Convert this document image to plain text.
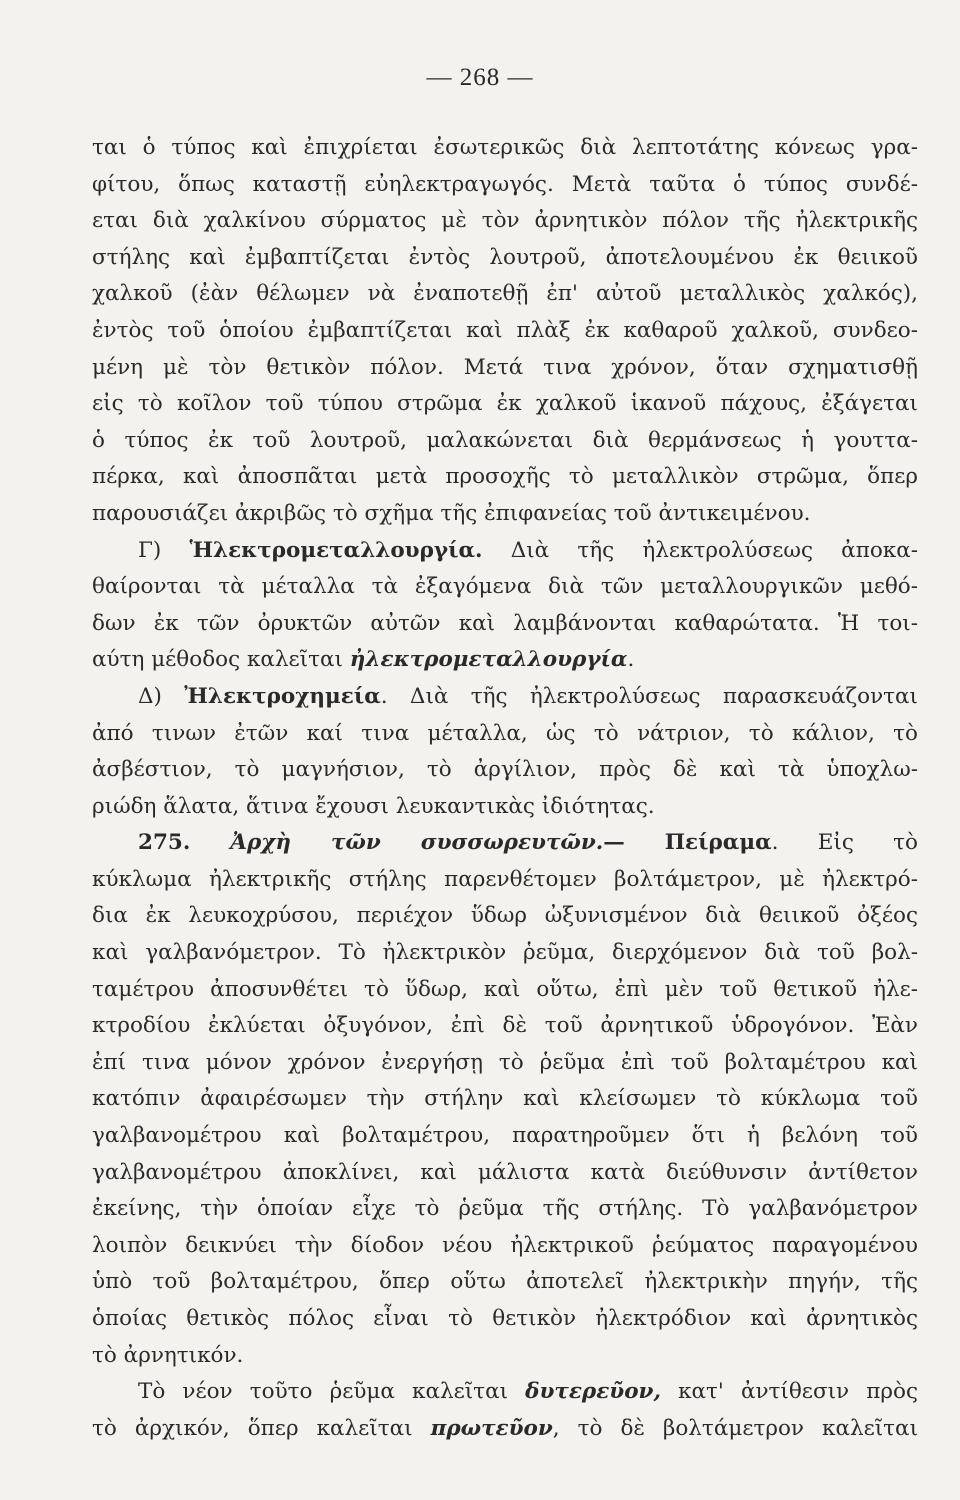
— 268 —
ται ὁ τύπος καὶ ἐπιχρίεται ἐσωτερικῶς διὰ λεπτοτάτης κόνεως γρα-
φίτου, ὅπως καταστῇ εὐηλεκτραγωγός. Μετὰ ταῦτα ὁ τύπος συνδέ-
εται διὰ χαλκίνου σύρματος μὲ τὸν ἀρνητικὸν πόλον τῆς ἠλεκτρικῆς
στήλης καὶ ἐμβαπτίζεται ἐντὸς λουτροῦ, ἀποτελουμένου ἐκ θειικοῦ
χαλκοῦ (ἐὰν θέλωμεν νὰ ἐναποτεθῇ ἐπ' αὐτοῦ μεταλλικὸς χαλκός),
ἐντὸς τοῦ ὁποίου ἐμβαπτίζεται καὶ πλὰξ ἐκ καθαροῦ χαλκοῦ, συνδεο-
μένη μὲ τὸν θετικὸν πόλον. Μετά τινα χρόνον, ὅταν σχηματισθῇ
εἰς τὸ κοῖλον τοῦ τύπου στρῶμα ἐκ χαλκοῦ ἱκανοῦ πάχους, ἐξάγεται
ὁ τύπος ἐκ τοῦ λουτροῦ, μαλακώνεται διὰ θερμάνσεως ἡ γουττα-
πέρκα, καὶ ἀποσπᾶται μετὰ προσοχῆς τὸ μεταλλικὸν στρῶμα, ὅπερ
παρουσιάζει ἀκριβῶς τὸ σχῆμα τῆς ἐπιφανείας τοῦ ἀντικειμένου.
Γ) Ἡλεκτρομεταλλουργία. Διὰ τῆς ἠλεκτρολύσεως ἀποκα-
θαίρονται τὰ μέταλλα τὰ ἐξαγόμενα διὰ τῶν μεταλλουργικῶν μεθό-
δων ἐκ τῶν ὀρυκτῶν αὐτῶν καὶ λαμβάνονται καθαρώτατα. Ἡ τοι-
αύτη μέθοδος καλεῖται ἠλεκτρομεταλλουργία.
Δ) Ἠλεκτροχημεία. Διὰ τῆς ἠλεκτρολύσεως παρασκευάζονται
ἀπό τινων ἐτῶν καί τινα μέταλλα, ὡς τὸ νάτριον, τὸ κάλιον, τὸ
ἀσβέστιον, τὸ μαγνήσιον, τὸ ἀργίλιον, πρὸς δὲ καὶ τὰ ὑποχλω-
ριώδη ἅλατα, ἅτινα ἔχουσι λευκαντικὰς ἰδιότητας.
275. Ἀρχὴ τῶν συσσωρευτῶν.— Πείραμα. Εἰς τὸ
κύκλωμα ἠλεκτρικῆς στήλης παρενθέτομεν βολτάμετρον, μὲ ἠλεκτρό-
δια ἐκ λευκοχρύσου, περιέχον ὕδωρ ὠξυνισμένον διὰ θειικοῦ ὀξέος
καὶ γαλβανόμετρον. Τὸ ἠλεκτρικὸν ῥεῦμα, διερχόμενον διὰ τοῦ βολ-
ταμέτρου ἀποσυνθέτει τὸ ὕδωρ, καὶ οὕτω, ἐπὶ μὲν τοῦ θετικοῦ ἠλε-
κτροδίου ἐκλύεται ὀξυγόνον, ἐπὶ δὲ τοῦ ἀρνητικοῦ ὑδρογόνον. Ἐὰν
ἐπί τινα μόνον χρόνον ἐνεργήσῃ τὸ ῥεῦμα ἐπὶ τοῦ βολταμέτρου καὶ
κατόπιν ἀφαιρέσωμεν τὴν στήλην καὶ κλείσωμεν τὸ κύκλωμα τοῦ
γαλβανομέτρου καὶ βολταμέτρου, παρατηροῦμεν ὅτι ἡ βελόνη τοῦ
γαλβανομέτρου ἀποκλίνει, καὶ μάλιστα κατὰ διεύθυνσιν ἀντίθετον
ἐκείνης, τὴν ὁποίαν εἶχε τὸ ῥεῦμα τῆς στήλης. Τὸ γαλβανόμετρον
λοιπὸν δεικνύει τὴν δίοδον νέου ἠλεκτρικοῦ ῥεύματος παραγομένου
ὑπὸ τοῦ βολταμέτρου, ὅπερ οὕτω ἀποτελεῖ ἠλεκτρικὴν πηγήν, τῆς
ὁποίας θετικὸς πόλος εἶναι τὸ θετικὸν ἠλεκτρόδιον καὶ ἀρνητικὸς
τὸ ἀρνητικόν.
Τὸ νέον τοῦτο ῥεῦμα καλεῖται δυτερεῦον, κατ' ἀντίθεσιν πρὸς
τὸ ἀρχικόν, ὅπερ καλεῖται πρωτεῦον, τὸ δὲ βολτάμετρον καλεῖται
